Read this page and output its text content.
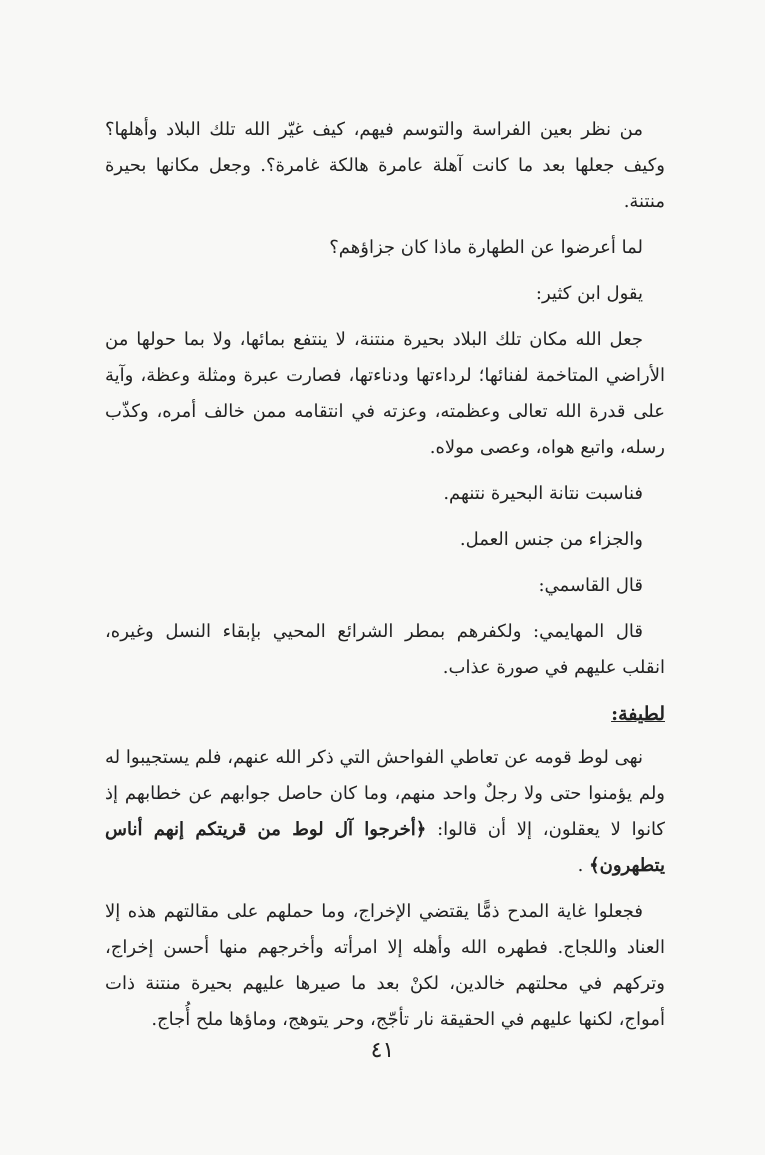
من نظر بعين الفراسة والتوسم فيهم، كيف غيّر الله تلك البلاد وأهلها؟ وكيف جعلها بعد ما كانت آهلة عامرة هالكة غامرة؟. وجعل مكانها بحيرة منتنة.

لما أعرضوا عن الطهارة ماذا كان جزاؤهم؟

يقول ابن كثير:

جعل الله مكان تلك البلاد بحيرة منتنة، لا ينتفع بمائها، ولا بما حولها من الأراضي المتاخمة لفنائها؛ لرداءتها ودناءتها، فصارت عبرة ومثلة وعظة، وآية على قدرة الله تعالى وعظمته، وعزته في انتقامه ممن خالف أمره، وكذّب رسله، واتبع هواه، وعصى مولاه.

فناسبت نتانة البحيرة نتنهم.

والجزاء من جنس العمل.

قال القاسمي:

قال المهايمي: ولكفرهم بمطر الشرائع المحيي بإبقاء النسل وغيره، انقلب عليهم في صورة عذاب.

لطيفة:

نهى لوط قومه عن تعاطي الفواحش التي ذكر الله عنهم، فلم يستجيبوا له ولم يؤمنوا حتى ولا رجلٌ واحد منهم، وما كان حاصل جوابهم عن خطابهم إذ كانوا لا يعقلون، إلا أن قالوا: ﴿أخرجوا آل لوط من قريتكم إنهم أناس يتطهرون﴾ .

فجعلوا غاية المدح ذمًّا يقتضي الإخراج، وما حملهم على مقالتهم هذه إلا العناد واللجاج. فطهره الله وأهله إلا امرأته وأخرجهم منها أحسن إخراج، وتركهم في محلتهم خالدين، لكنْ بعد ما صيرها عليهم بحيرة منتنة ذات أمواج، لكنها عليهم في الحقيقة نار تأجّج، وحر يتوهج، وماؤها ملح أُجاج.

٤١
